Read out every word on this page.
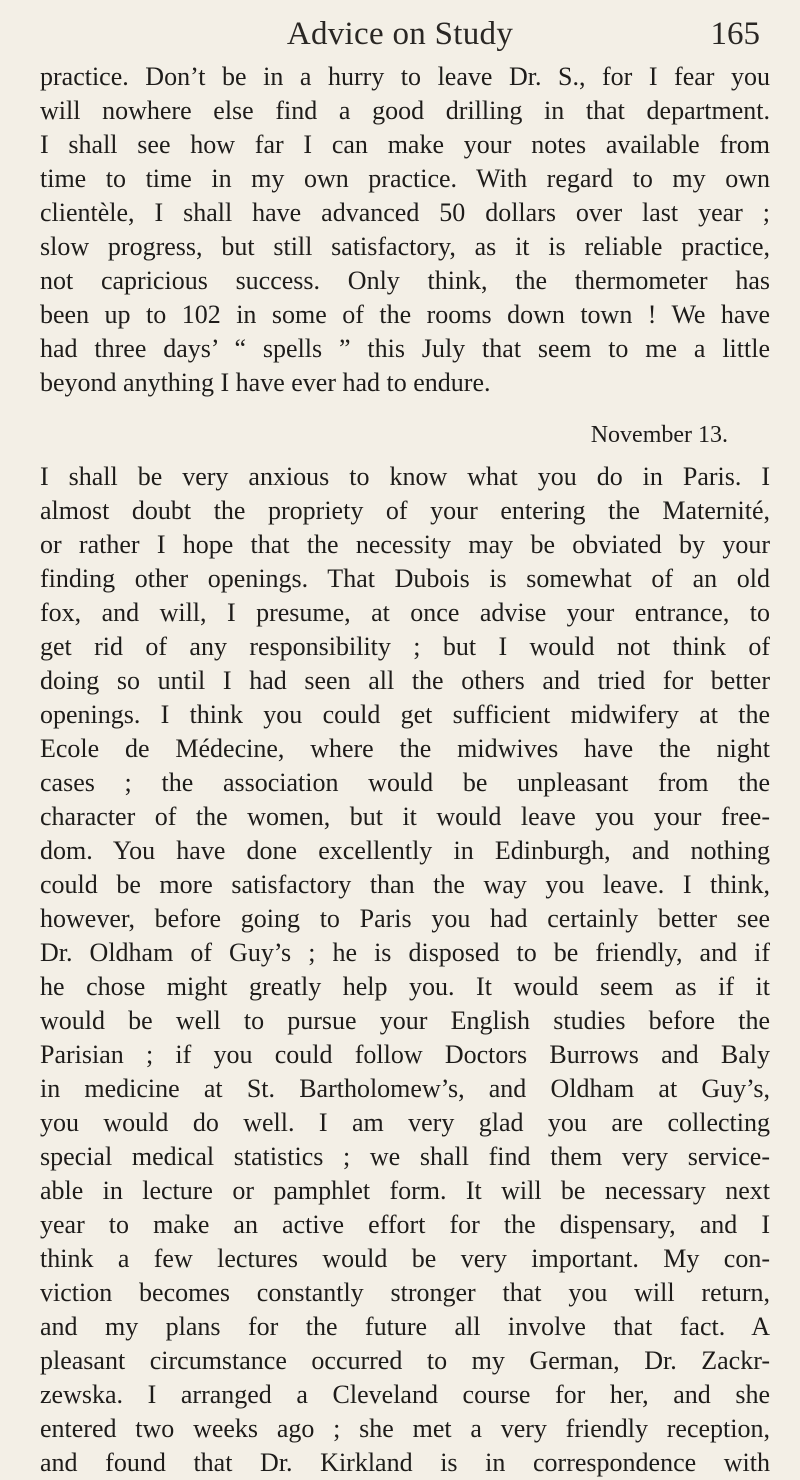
Advice on Study	165
practice. Don’t be in a hurry to leave Dr. S., for I fear you
will nowhere else find a good drilling in that department.
I shall see how far I can make your notes available from
time to time in my own practice. With regard to my own
clientèle, I shall have advanced 50 dollars over last year ;
slow progress, but still satisfactory, as it is reliable practice,
not capricious success. Only think, the thermometer has
been up to 102 in some of the rooms down town ! We have
had three days’ “ spells ” this July that seem to me a little
beyond anything I have ever had to endure.
November 13.
I shall be very anxious to know what you do in Paris. I
almost doubt the propriety of your entering the Maternité,
or rather I hope that the necessity may be obviated by your
finding other openings. That Dubois is somewhat of an old
fox, and will, I presume, at once advise your entrance, to
get rid of any responsibility ; but I would not think of
doing so until I had seen all the others and tried for better
openings. I think you could get sufficient midwifery at the
Ecole de Médecine, where the midwives have the night
cases ; the association would be unpleasant from the
character of the women, but it would leave you your free-
dom. You have done excellently in Edinburgh, and nothing
could be more satisfactory than the way you leave. I think,
however, before going to Paris you had certainly better see
Dr. Oldham of Guy’s ; he is disposed to be friendly, and if
he chose might greatly help you. It would seem as if it
would be well to pursue your English studies before the
Parisian ; if you could follow Doctors Burrows and Baly
in medicine at St. Bartholomew’s, and Oldham at Guy’s,
you would do well. I am very glad you are collecting
special medical statistics ; we shall find them very service-
able in lecture or pamphlet form. It will be necessary next
year to make an active effort for the dispensary, and I
think a few lectures would be very important. My con-
viction becomes constantly stronger that you will return,
and my plans for the future all involve that fact. A
pleasant circumstance occurred to my German, Dr. Zackr-
zewska. I arranged a Cleveland course for her, and she
entered two weeks ago ; she met a very friendly reception,
and found that Dr. Kirkland is in correspondence with
